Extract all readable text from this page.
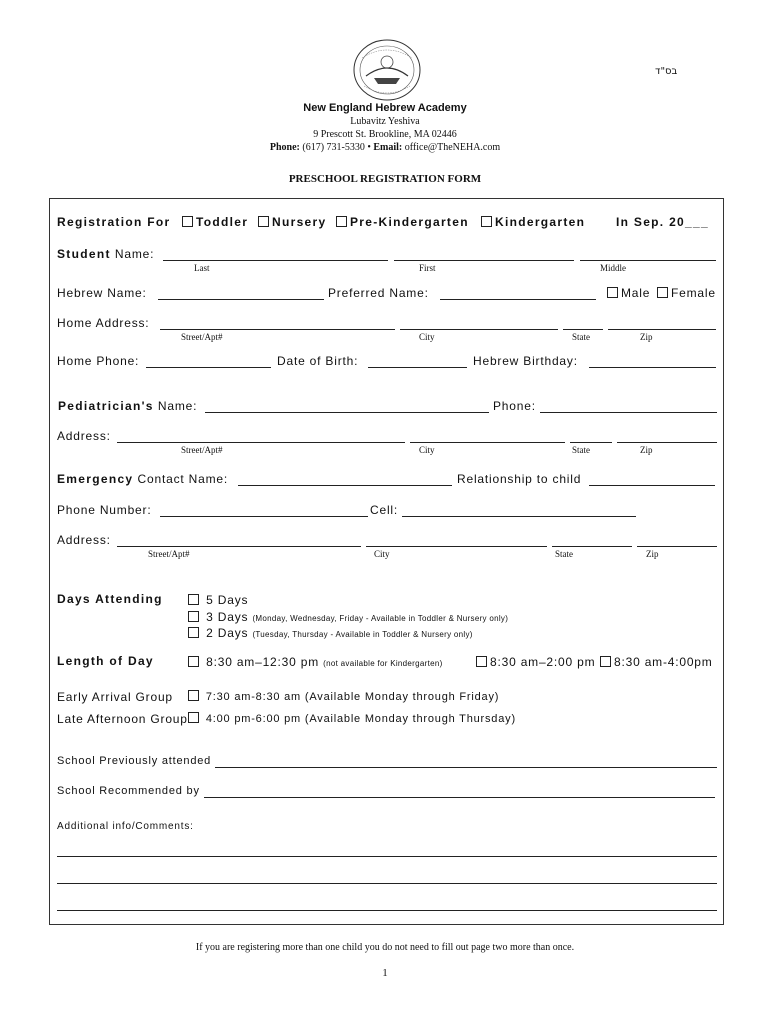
בס"ד
New England Hebrew Academy
Lubavitz Yeshiva
9 Prescott St. Brookline, MA 02446
Phone: (617) 731-5330 • Email: office@TheNEHA.com
PRESCHOOL REGISTRATION FORM
Registration For	Toddler	Nursery	Pre-Kindergarten	Kindergarten	In Sep. 20___
Student Name:
Last	First	Middle
Hebrew Name:	Preferred Name:	Male	Female
Home Address:
Street/Apt#	City	State	Zip
Home Phone:	Date of Birth:	Hebrew Birthday:
Pediatrician's Name:	Phone:
Address:
Street/Apt#	City	State	Zip
Emergency Contact Name:	Relationship to child
Phone Number:	Cell:
Address:
Street/Apt#	City	State	Zip
Days Attending	5 Days
3 Days (Monday, Wednesday, Friday - Available in Toddler & Nursery only)
2 Days (Tuesday, Thursday - Available in Toddler & Nursery only)
Length of Day	8:30 am–12:30 pm (not available for Kindergarten)	8:30 am–2:00 pm	8:30 am-4:00pm
Early Arrival Group	7:30 am-8:30 am (Available Monday through Friday)
Late Afternoon Group	4:00 pm-6:00 pm (Available Monday through Thursday)
School Previously attended
School Recommended by
Additional info/Comments:
If you are registering more than one child you do not need to fill out page two more than once.
1
